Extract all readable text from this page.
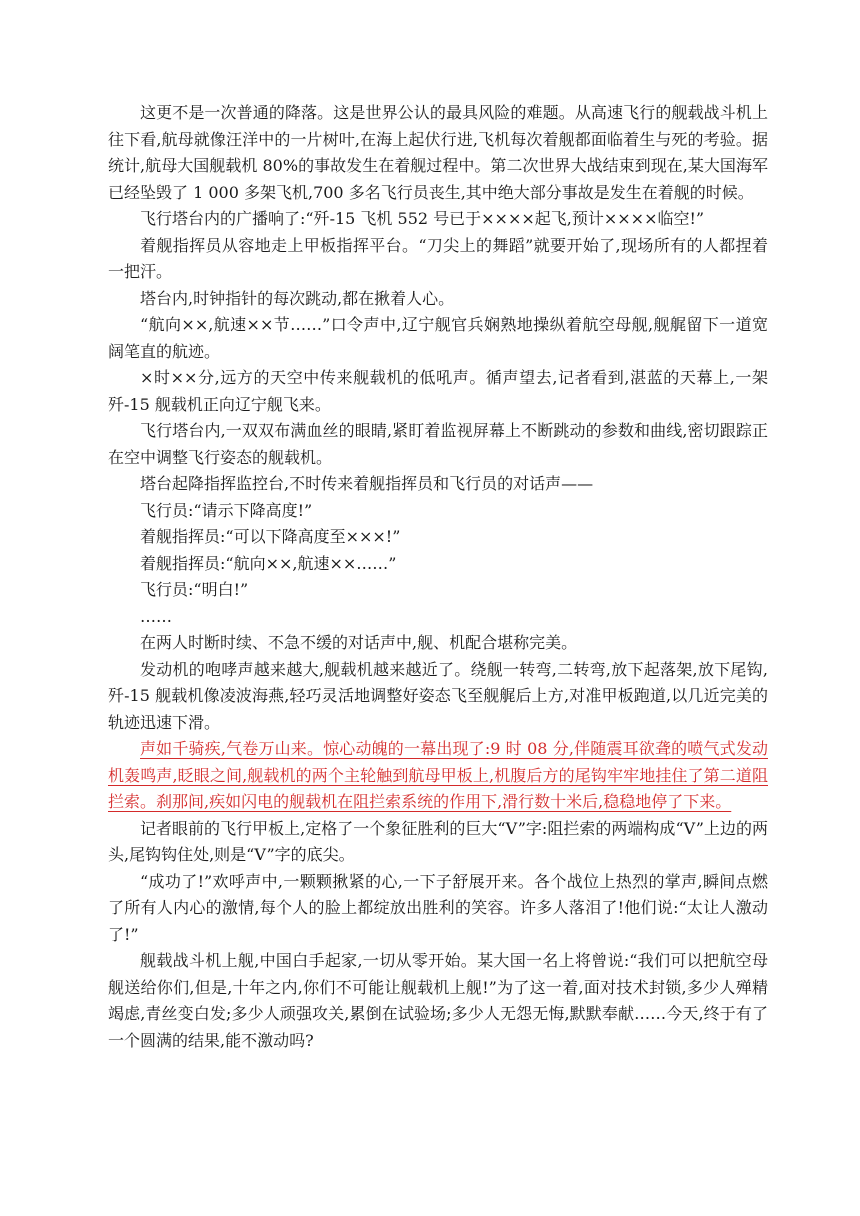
这更不是一次普通的降落。这是世界公认的最具风险的难题。从高速飞行的舰载战斗机上往下看,航母就像汪洋中的一片树叶,在海上起伏行进,飞机每次着舰都面临着生与死的考验。据统计,航母大国舰载机 80%的事故发生在着舰过程中。第二次世界大战结束到现在,某大国海军已经坠毁了 1 000 多架飞机,700 多名飞行员丧生,其中绝大部分事故是发生在着舰的时候。

飞行塔台内的广播响了:“歼-15 飞机 552 号已于××××起飞,预计××××临空!”

着舰指挥员从容地走上甲板指挥平台。“刀尖上的舞蹈”就要开始了,现场所有的人都捏着一把汗。

塔台内,时钟指针的每次跳动,都在揪着人心。

“航向××,航速××节……”口令声中,辽宁舰官兵娴熟地操纵着航空母舰,舰艉留下一道宽阔笔直的航迹。

×时××分,远方的天空中传来舰载机的低吼声。循声望去,记者看到,湛蓝的天幕上,一架歼-15 舰载机正向辽宁舰飞来。

飞行塔台内,一双双布满血丝的眼睛,紧盯着监视屏幕上不断跳动的参数和曲线,密切跟踪正在空中调整飞行姿态的舰载机。

塔台起降指挥监控台,不时传来着舰指挥员和飞行员的对话声——

飞行员:“请示下降高度!”

着舰指挥员:“可以下降高度至×××!”

着舰指挥员:“航向××,航速××……”

飞行员:“明白!”

……

在两人时断时续、不急不缓的对话声中,舰、机配合堪称完美。

发动机的咆哮声越来越大,舰载机越来越近了。绕舰一转弯,二转弯,放下起落架,放下尾钩,歼-15 舰载机像凌波海燕,轻巧灵活地调整好姿态飞至舰艉后上方,对准甲板跑道,以几近完美的轨迹迅速下滑。

声如千骑疾,气卷万山来。惊心动魄的一幕出现了:9 时 08 分,伴随震耳欲聋的喷气式发动机轰鸣声,眨眼之间,舰载机的两个主轮触到航母甲板上,机腹后方的尾钩牢牢地挂住了第二道阻拦索。刹那间,疾如闪电的舰载机在阻拦索系统的作用下,滑行数十米后,稳稳地停了下来。

记者眼前的飞行甲板上,定格了一个象征胜利的巨大“V”字:阻拦索的两端构成“V”上边的两头,尾钩钩住处,则是“V”字的底尖。

“成功了!”欢呼声中,一颗颗揪紧的心,一下子舒展开来。各个战位上热烈的掌声,瞬间点燃了所有人内心的激情,每个人的脸上都绽放出胜利的笑容。许多人落泪了!他们说:“太让人激动了!”

舰载战斗机上舰,中国白手起家,一切从零开始。某大国一名上将曾说:“我们可以把航空母舰送给你们,但是,十年之内,你们不可能让舰载机上舰!”为了这一着,面对技术封锁,多少人殚精竭虑,青丝变白发;多少人顽强攻关,累倒在试验场;多少人无怨无悔,默默奉献……今天,终于有了一个圆满的结果,能不激动吗?
